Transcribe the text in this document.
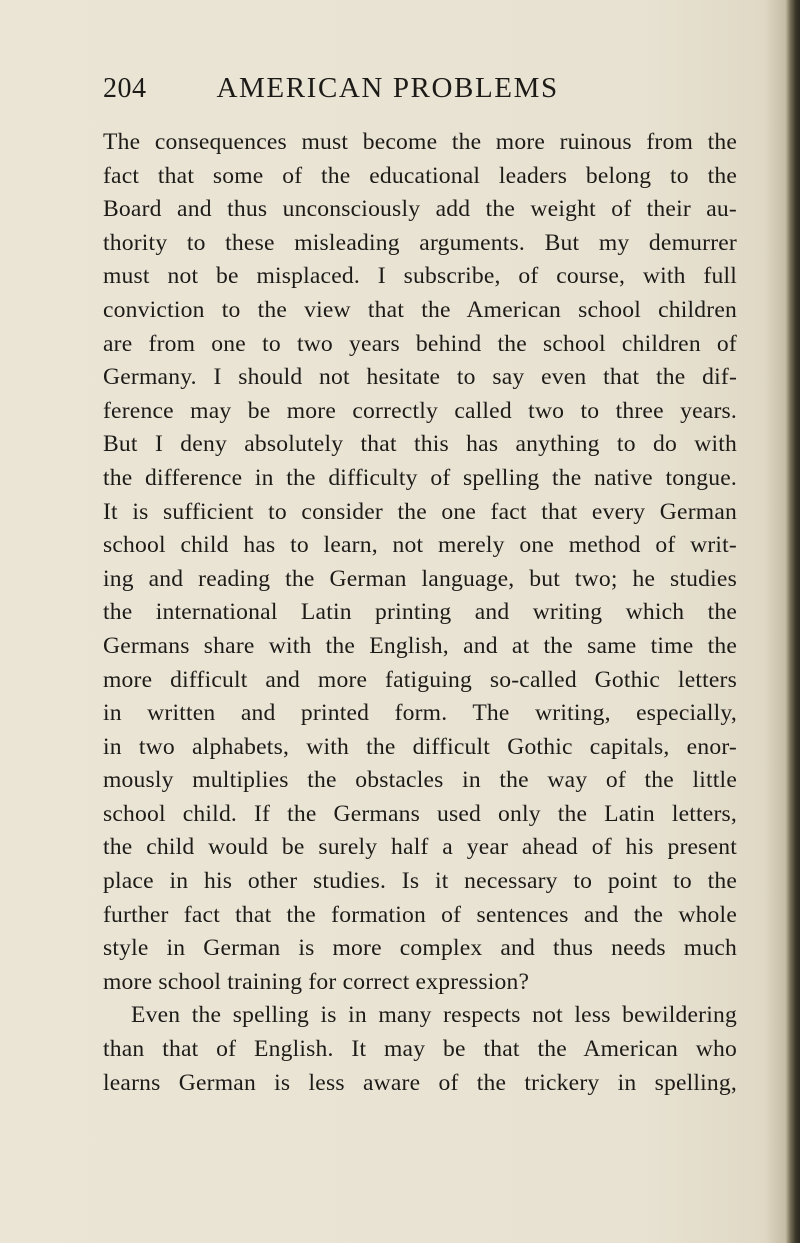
204 AMERICAN PROBLEMS
The consequences must become the more ruinous from the
fact that some of the educational leaders belong to the
Board and thus unconsciously add the weight of their au-
thority to these misleading arguments. But my demurrer
must not be misplaced. I subscribe, of course, with full
conviction to the view that the American school children
are from one to two years behind the school children of
Germany. I should not hesitate to say even that the dif-
ference may be more correctly called two to three years.
But I deny absolutely that this has anything to do with
the difference in the difficulty of spelling the native tongue.
It is sufficient to consider the one fact that every German
school child has to learn, not merely one method of writ-
ing and reading the German language, but two; he studies
the international Latin printing and writing which the
Germans share with the English, and at the same time the
more difficult and more fatiguing so-called Gothic letters
in written and printed form. The writing, especially,
in two alphabets, with the difficult Gothic capitals, enor-
mously multiplies the obstacles in the way of the little
school child. If the Germans used only the Latin letters,
the child would be surely half a year ahead of his present
place in his other studies. Is it necessary to point to the
further fact that the formation of sentences and the whole
style in German is more complex and thus needs much
more school training for correct expression?
Even the spelling is in many respects not less bewildering
than that of English. It may be that the American who
learns German is less aware of the trickery in spelling,
